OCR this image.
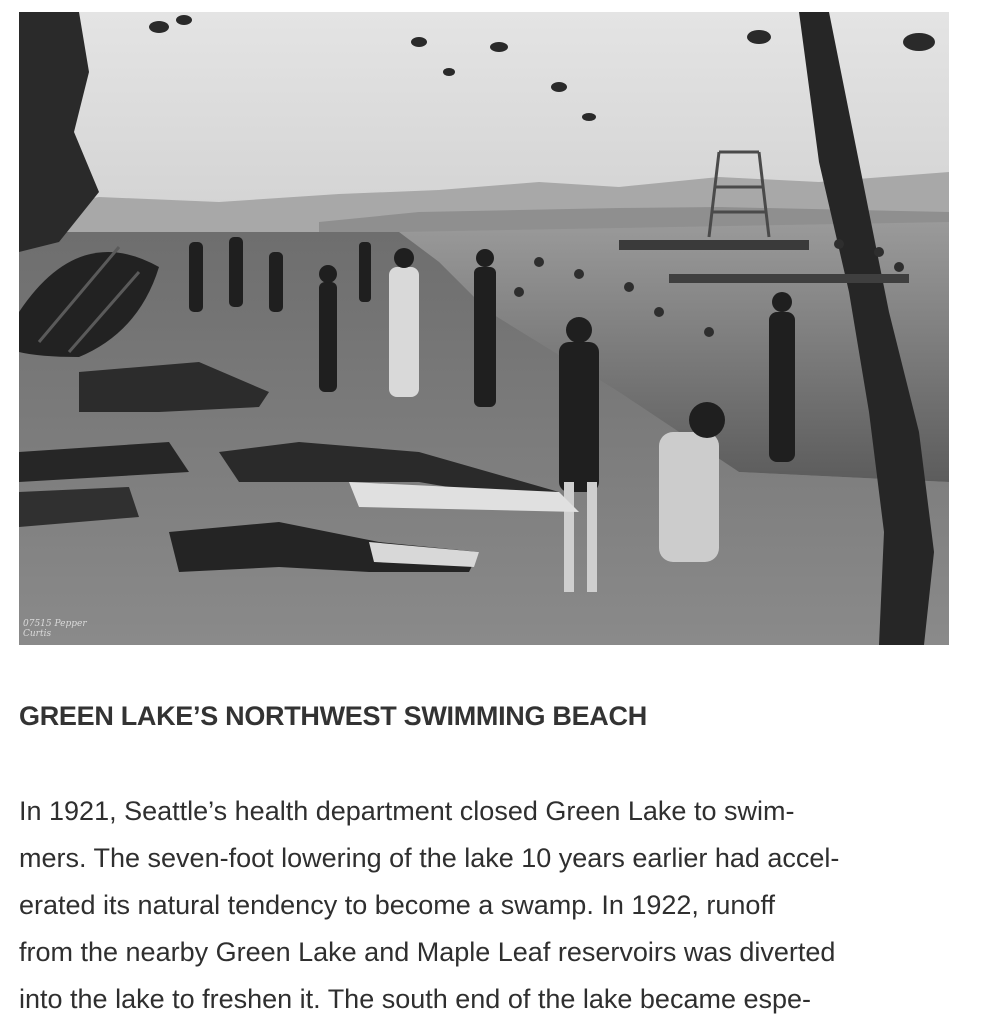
07515 Pepper Curtis
GREEN LAKE’S NORTHWEST SWIMMING BEACH

In 1921, Seattle’s health department closed Green Lake to swim-
mers. The seven-foot lowering of the lake 10 years earlier had accel-
erated its natural tendency to become a swamp. In 1922, runoff
from the nearby Green Lake and Maple Leaf reservoirs was diverted
into the lake to freshen it. The south end of the lake became espe-
